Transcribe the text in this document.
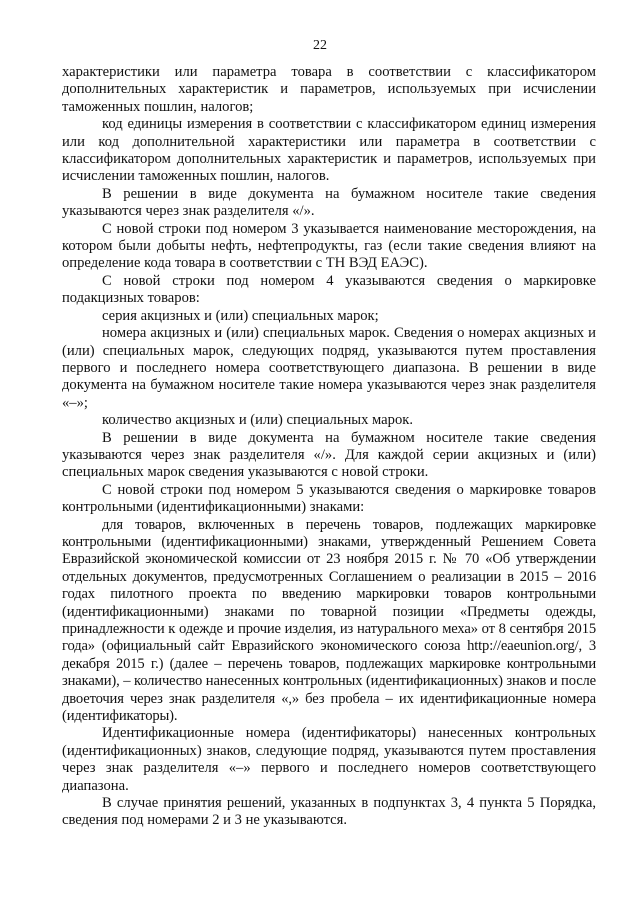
22

характеристики или параметра товара в соответствии с классификатором дополнительных характеристик и параметров, используемых при исчислении таможенных пошлин, налогов;

код единицы измерения в соответствии с классификатором единиц измерения или код дополнительной характеристики или параметра в соответствии с классификатором дополнительных характеристик и параметров, используемых при исчислении таможенных пошлин, налогов.

В решении в виде документа на бумажном носителе такие сведения указываются через знак разделителя «/».

С новой строки под номером 3 указывается наименование месторождения, на котором были добыты нефть, нефтепродукты, газ (если такие сведения влияют на определение кода товара в соответствии с ТН ВЭД ЕАЭС).

С новой строки под номером 4 указываются сведения о маркировке подакцизных товаров:

серия акцизных и (или) специальных марок;

номера акцизных и (или) специальных марок. Сведения о номерах акцизных и (или) специальных марок, следующих подряд, указываются путем проставления первого и последнего номера соответствующего диапазона. В решении в виде документа на бумажном носителе такие номера указываются через знак разделителя «–»;

количество акцизных и (или) специальных марок.

В решении в виде документа на бумажном носителе такие сведения указываются через знак разделителя «/». Для каждой серии акцизных и (или) специальных марок сведения указываются с новой строки.

С новой строки под номером 5 указываются сведения о маркировке товаров контрольными (идентификационными) знаками:

для товаров, включенных в перечень товаров, подлежащих маркировке контрольными (идентификационными) знаками, утвержденный Решением Совета Евразийской экономической комиссии от 23 ноября 2015 г. № 70 «Об утверждении отдельных документов, предусмотренных Соглашением о реализации в 2015 – 2016 годах пилотного проекта по введению маркировки товаров контрольными (идентификационными) знаками по товарной позиции «Предметы одежды, принадлежности к одежде и прочие изделия, из натурального меха» от 8 сентября 2015 года» (официальный сайт Евразийского экономического союза http://eaeunion.org/, 3 декабря 2015 г.) (далее – перечень товаров, подлежащих маркировке контрольными знаками), – количество нанесенных контрольных (идентификационных) знаков и после двоеточия через знак разделителя «,» без пробела – их идентификационные номера (идентификаторы).

Идентификационные номера (идентификаторы) нанесенных контрольных (идентификационных) знаков, следующие подряд, указываются путем проставления через знак разделителя «–» первого и последнего номеров соответствующего диапазона.

В случае принятия решений, указанных в подпунктах 3, 4 пункта 5 Порядка, сведения под номерами 2 и 3 не указываются.
